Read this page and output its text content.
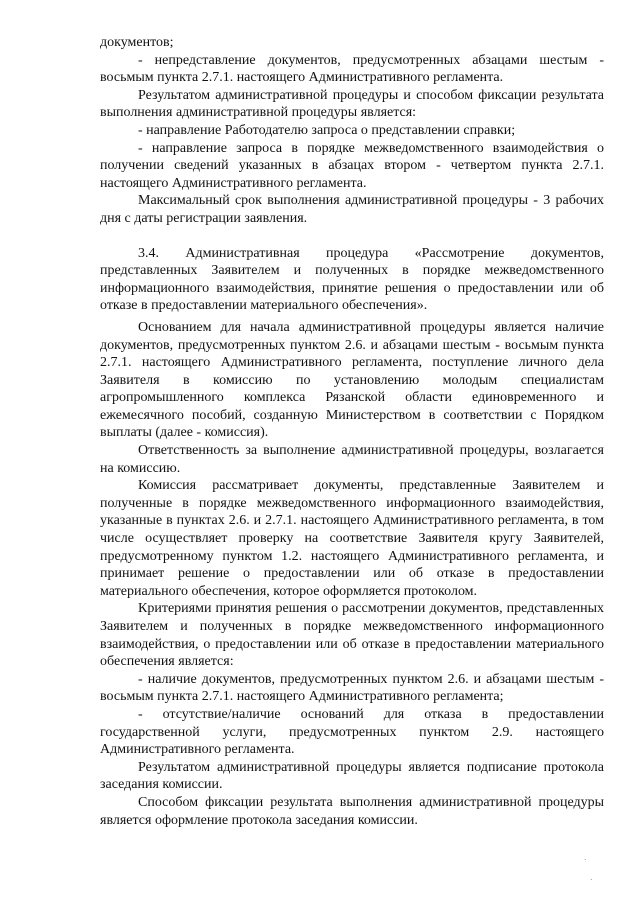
документов;

- непредставление документов, предусмотренных абзацами шестым - восьмым пункта 2.7.1. настоящего Административного регламента.

Результатом административной процедуры и способом фиксации результата выполнения административной процедуры является:

- направление Работодателю запроса о представлении справки;

- направление запроса в порядке межведомственного взаимодействия о получении сведений указанных в абзацах втором - четвертом пункта 2.7.1. настоящего Административного регламента.

Максимальный срок выполнения административной процедуры - 3 рабочих дня с даты регистрации заявления.

3.4. Административная процедура «Рассмотрение документов, представленных Заявителем и полученных в порядке межведомственного информационного взаимодействия, принятие решения о предоставлении или об отказе в предоставлении материального обеспечения».

Основанием для начала административной процедуры является наличие документов, предусмотренных пунктом 2.6. и абзацами шестым - восьмым пункта 2.7.1. настоящего Административного регламента, поступление личного дела Заявителя в комиссию по установлению молодым специалистам агропромышленного комплекса Рязанской области единовременного и ежемесячного пособий, созданную Министерством в соответствии с Порядком выплаты (далее - комиссия).

Ответственность за выполнение административной процедуры, возлагается на комиссию.

Комиссия рассматривает документы, представленные Заявителем и полученные в порядке межведомственного информационного взаимодействия, указанные в пунктах 2.6. и 2.7.1. настоящего Административного регламента, в том числе осуществляет проверку на соответствие Заявителя кругу Заявителей, предусмотренному пунктом 1.2. настоящего Административного регламента, и принимает решение о предоставлении или об отказе в предоставлении материального обеспечения, которое оформляется протоколом.

Критериями принятия решения о рассмотрении документов, представленных Заявителем и полученных в порядке межведомственного информационного взаимодействия, о предоставлении или об отказе в предоставлении материального обеспечения является:

- наличие документов, предусмотренных пунктом 2.6. и абзацами шестым - восьмым пункта 2.7.1. настоящего Административного регламента;

- отсутствие/наличие оснований для отказа в предоставлении государственной услуги, предусмотренных пунктом 2.9. настоящего Административного регламента.

Результатом административной процедуры является подписание протокола заседания комиссии.

Способом фиксации результата выполнения административной процедуры является оформление протокола заседания комиссии.

.
.
